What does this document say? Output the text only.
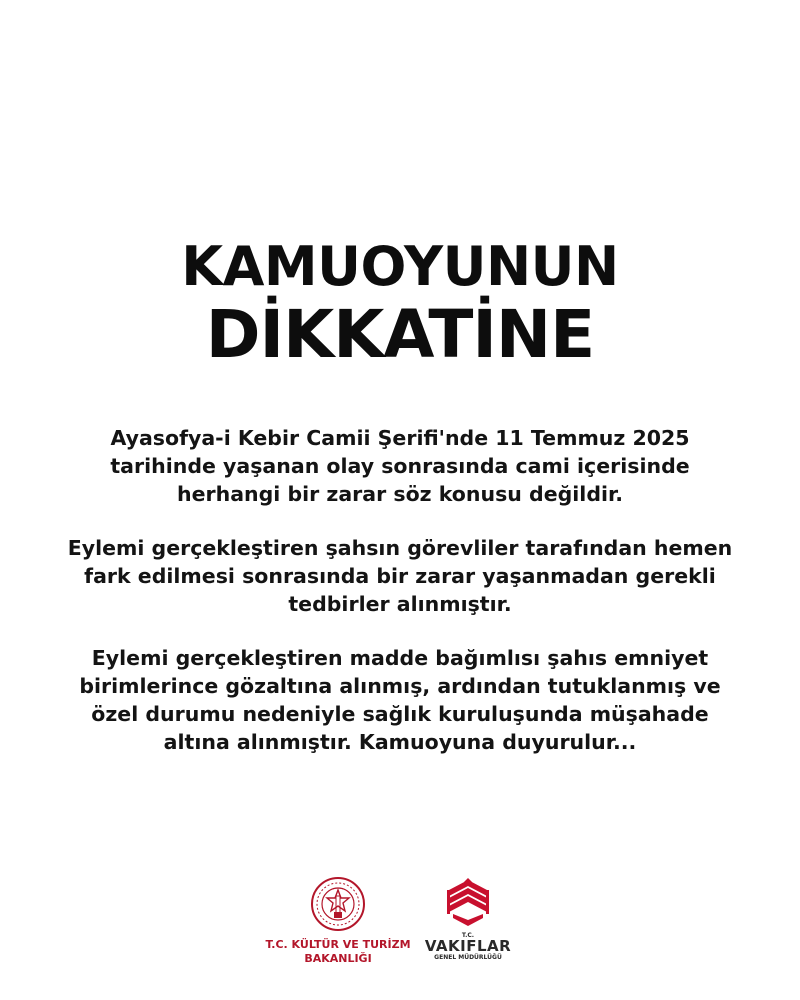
KAMUOYUNUN
DİKKATİNE

Ayasofya-i Kebir Camii Şerifi'nde 11 Temmuz 2025 tarihinde yaşanan olay sonrasında cami içerisinde herhangi bir zarar söz konusu değildir.

Eylemi gerçekleştiren şahsın görevliler tarafından hemen fark edilmesi sonrasında bir zarar yaşanmadan gerekli tedbirler alınmıştır.

Eylemi gerçekleştiren madde bağımlısı şahıs emniyet birimlerince gözaltına alınmış, ardından tutuklanmış ve özel durumu nedeniyle sağlık kuruluşunda müşahade altına alınmıştır. Kamuoyuna duyurulur...

T.C. KÜLTÜR VE TURİZM
BAKANLIĞI
T.C.
VAKIFLAR
GENEL MÜDÜRLÜĞÜ
